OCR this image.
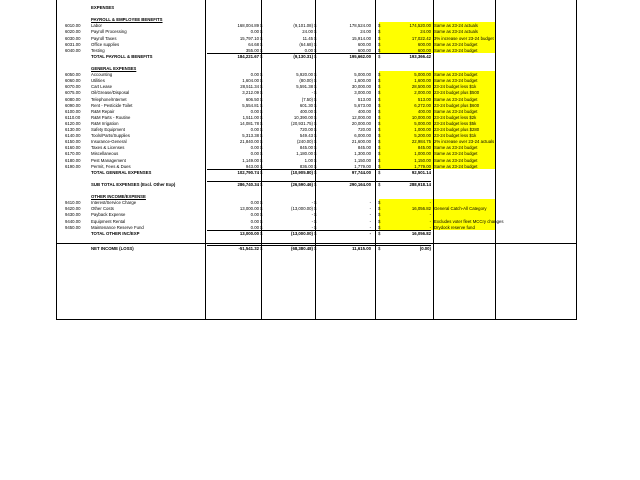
EXPENSES
PAYROLL & EMPLOYEE BENEFITS
6010.00 Labor	168,004.89 $	(9,101.08) $	178,524.00 $	174,520.00 Same as 23-24 actuals
6020.00 Payroll Processing	0.00 $	24.00 $	24.00 $	24.00 Same as 23-24 actuals
6030.00 Payroll Taxes	15,797.10 $	11.45 $	15,914.00 $	17,022.42 3% increase over 23-24 budget
6031.00 Office supplies	64.68 $	(64.68) $	600.00 $	600.00 Same as 23-24 budget
6040.00 Testing	355.00 $	0.00 $	600.00 $	600.00 Same as 23-24 budget
TOTAL PAYROLL & BENEFITS	184,221.67 $	(9,130.31) $	195,662.00 $	193,366.42
GENERAL EXPENSES
6050.00 Accounting	0.00 $	5,920.00 $	5,000.00 $	5,000.00 Same as 23-24 budget
6060.00 Utilities	1,604.00 $	(80.00) $	1,600.00 $	1,600.00 Same as 23-24 budget
6070.00 Cart Lease	28,511.34 $	5,591.38 $	30,000.00 $	28,500.00 23-24 budget less $1k
6075.00 Oil/Grease/Disposal	3,212.09 $	- $	3,000.00 $	2,000.00 23-24 budget plus $500
6080.00 Telephone/Internet	606.50 $	(7.50) $	513.00 $	513.00 Same as 23-24 budget
6090.00 Rent - Pesticide Toilet	5,554.81 $	601.30 $	5,673.00 $	6,272.00 23-24 budget plus $600
6100.00 R&M Repair	0.00 $	400.00 $	400.00 $	400.00 Same as 23-24 budget
6110.00	R&M Parts - Routine	1,511.00 $	10,390.00 $	12,000.00 $	10,000.00 23-24 budget less $2k
6120.00 R&M Irrigation	14,081.78 $	(20,931.75) $	20,000.00 $	5,000.00 23-24 budget less $5k
6130.00 Safety Equipment	0.00 $	720.00 $	720.00 $	1,000.00 23-24 budget plus $280
6140.00 Tools/Parts/Supplies	5,313.38 $	549.43 $	6,000.00 $	5,200.00 23-24 budget less $1k
6150.00 Insurance-General	21,840.00 $	(240.00) $	21,600.00 $	22,984.75 2% increase over 23-24 actuals
6160.00 Taxes & Licenses	0.00 $	845.00 $	845.00 $	845.00 Same as 23-24 budget
6170.00 Miscellaneous	0.00 $	1,180.00 $	1,300.00 $	1,000.00 Same as 23-24 budget
6180.00 Pest Management	1,149.00 $	1.00 $	1,150.00 $	1,150.00 Same as 23-24 budget
6190.00 Permit, Fees & Dues	943.00 $	836.00 $	1,779.00 $	1,779.00 Same as 23-24 budget
TOTAL GENERAL EXPENSES	102,790.74 $	(10,905.80) $	97,744.00 $	92,501.14
SUB TOTAL EXPENSES (Excl. Other Exp)	286,740.34 $	(26,590.46) $	290,164.00 $	288,918.14
OTHER INCOME/EXPENSE
9410.00 Interest/Service Charge	0.00 $	- $	- $	-
9420.00 Other Costs	13,000.00 $	(13,000.00) $	- $	16,056.82 General Catch-All Category
9430.00 Payback Expense	0.00 $	- $	- $	-
9440.00 Equipment Rental	0.00 $	- $	- $	- Excludes voter fleet MCCry changes
9450.00 Maintenance Reserve Fund	0.00 $	- $	- $	- Drydock reserve fund
TOTAL OTHER INC/EXP	13,000.00 $	(13,000.00) $	- $	16,056.82
NET INCOME (LOSS)	-51,541.32 $	(68,380.48) $	11,615.00 $	(0.00)
